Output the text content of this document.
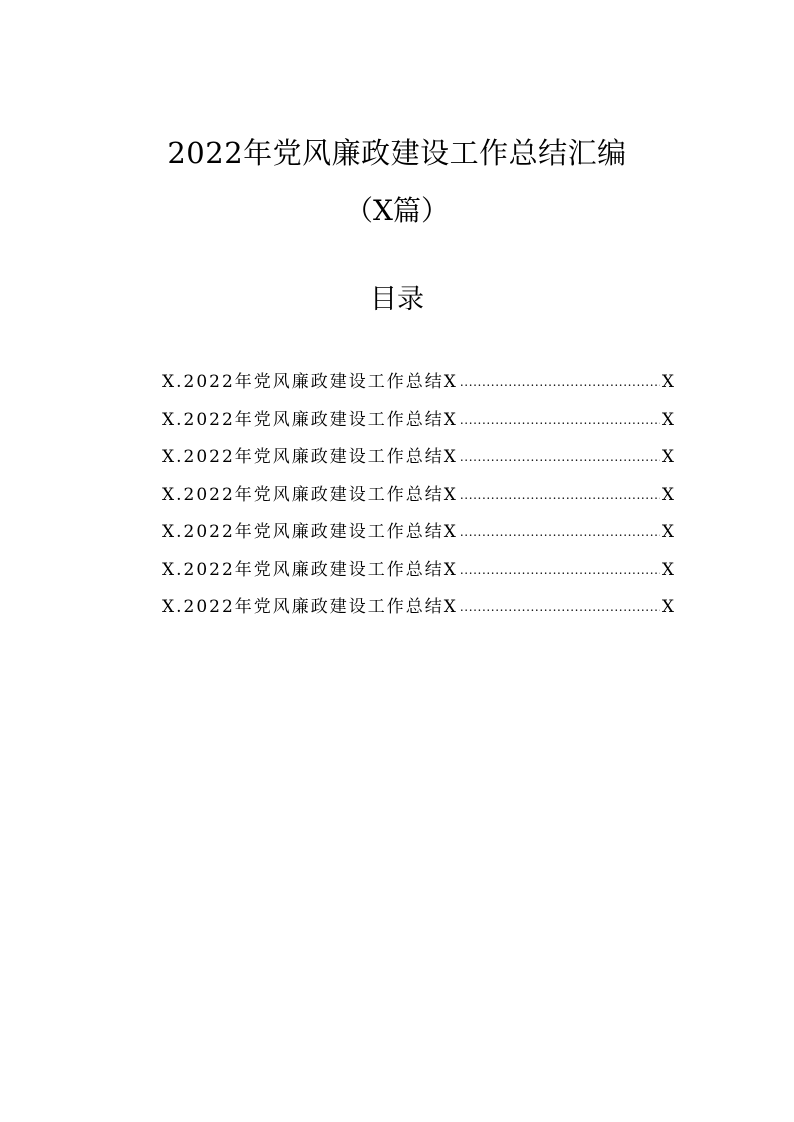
2022年党风廉政建设工作总结汇编
（X篇）
目录
X.2022年党风廉政建设工作总结X .....	X
X.2022年党风廉政建设工作总结X .....	X
X.2022年党风廉政建设工作总结X .....	X
X.2022年党风廉政建设工作总结X .....	X
X.2022年党风廉政建设工作总结X .....	X
X.2022年党风廉政建设工作总结X .....	X
X.2022年党风廉政建设工作总结X .....	X
